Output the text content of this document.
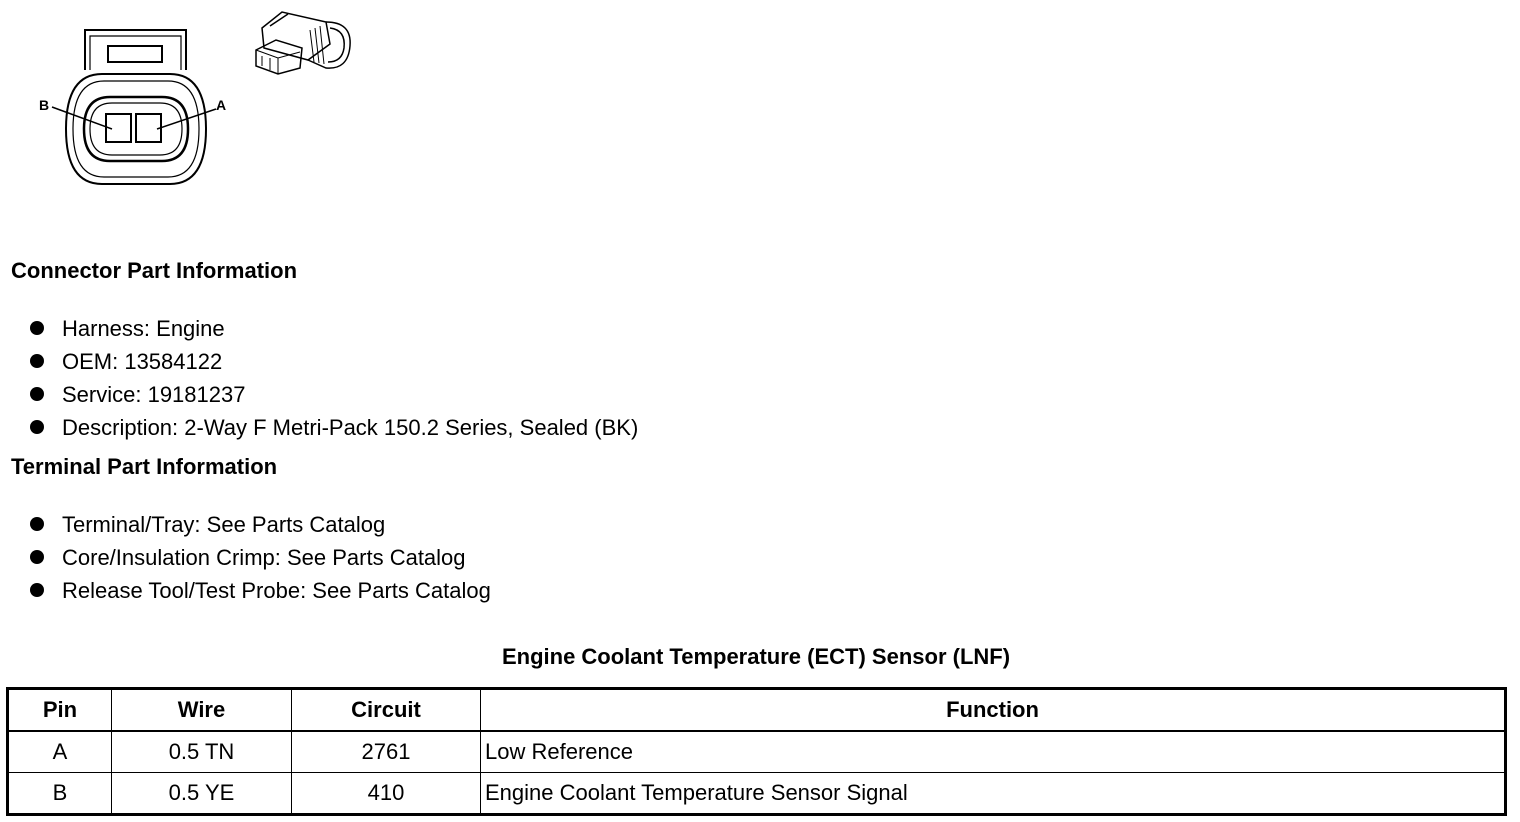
B	A
Connector Part Information
Harness: Engine
OEM: 13584122
Service: 19181237
Description: 2-Way F Metri-Pack 150.2 Series, Sealed (BK)
Terminal Part Information
Terminal/Tray: See Parts Catalog
Core/Insulation Crimp: See Parts Catalog
Release Tool/Test Probe: See Parts Catalog
Engine Coolant Temperature (ECT) Sensor (LNF)
Pin	Wire	Circuit	Function
A	0.5 TN	2761	Low Reference
B	0.5 YE	410	Engine Coolant Temperature Sensor Signal
